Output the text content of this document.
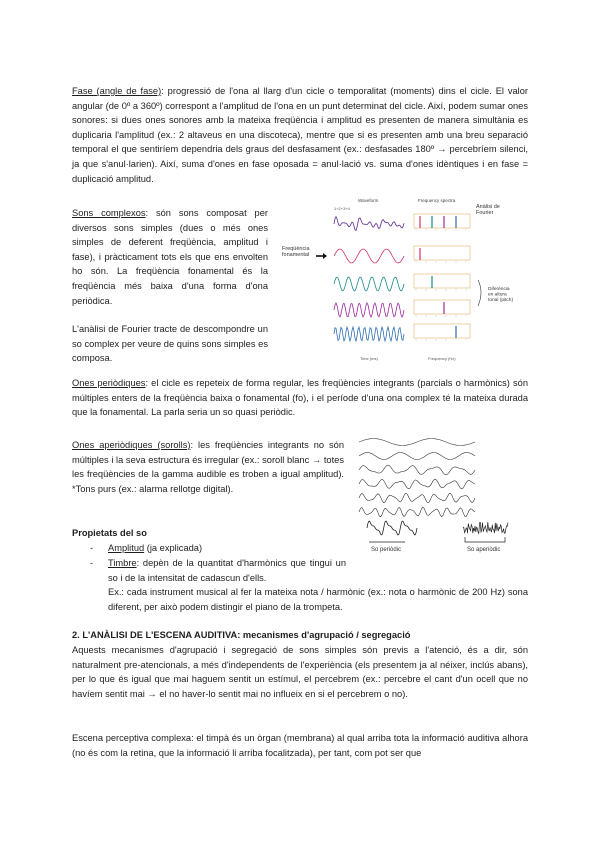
Fase (angle de fase): progressió de l'ona al llarg d'un cicle o temporalitat (moments) dins el cicle. El valor angular (de 0º a 360º) correspont a l'amplitud de l'ona en un punt determinat del cicle. Així, podem sumar ones sonores: si dues ones sonores amb la mateixa freqüència i amplitud es presenten de manera simultània es duplicaria l'amplitud (ex.: 2 altaveus en una discoteca), mentre que si es presenten amb una breu separació temporal el que sentiríem dependria dels graus del desfasament (ex.: desfasades 180º → percebríem silenci, ja que s'anul·larien). Així, suma d'ones en fase oposada = anul·lació vs. suma d'ones idèntiques i en fase = duplicació amplitud.

Sons complexos: són sons composat per diversos sons simples (dues o més ones simples de deferent freqüència, amplitud i fase), i pràcticament tots els que ens envolten ho són. La freqüència fonamental és la freqüència més baixa d'una forma d'ona periòdica.

L'anàlisi de Fourier tracte de descompondre un so complex per veure de quins sons simples es composa.

Waveform	Frequency spectra
1+2+3+4
Freqüència fonamental
Anàlisi de Fourier
Diferència en altura tonal (pitch)
Time (ms)	Frequency (Hz)

Ones periòdiques: el cicle es repeteix de forma regular, les freqüències integrants (parcials o harmònics) són múltiples enters de la freqüència baixa o fonamental (fo), i el període d'una ona complex té la mateixa durada que la fonamental. La parla seria un so quasi periòdic.

Ones aperiòdiques (sorolls): les freqüències integrants no són múltiples i la seva estructura és irregular (ex.: soroll blanc → totes les freqüències de la gamma audible es troben a igual amplitud). *Tons purs (ex.: alarma rellotge digital).

So periòdic	So aperiòdic

Propietats del so

- Amplitud (ja explicada)

- Timbre: depèn de la quantitat d'harmònics que tingui un so i de la intensitat de cadascun d'ells.

Ex.: cada instrument musical al fer la mateixa nota / harmònic (ex.: nota o harmònic de 200 Hz) sona diferent, per això podem distingir el piano de la trompeta.

2. L'ANÀLISI DE L'ESCENA AUDITIVA: mecanismes d'agrupació / segregació

Aquests mecanismes d'agrupació i segregació de sons simples són previs a l'atenció, és a dir, són naturalment pre-atencionals, a més d'independents de l'experiència (els presentem ja al néixer, inclús abans), per lo que és igual que mai haguem sentit un estímul, el percebrem (ex.: percebre el cant d'un ocell que no havíem sentit mai → el no haver-lo sentit mai no influeix en si el percebrem o no).

Escena perceptiva complexa: el timpà és un òrgan (membrana) al qual arriba tota la informació auditiva alhora (no és com la retina, que la informació li arriba focalitzada), per tant, com pot ser que
